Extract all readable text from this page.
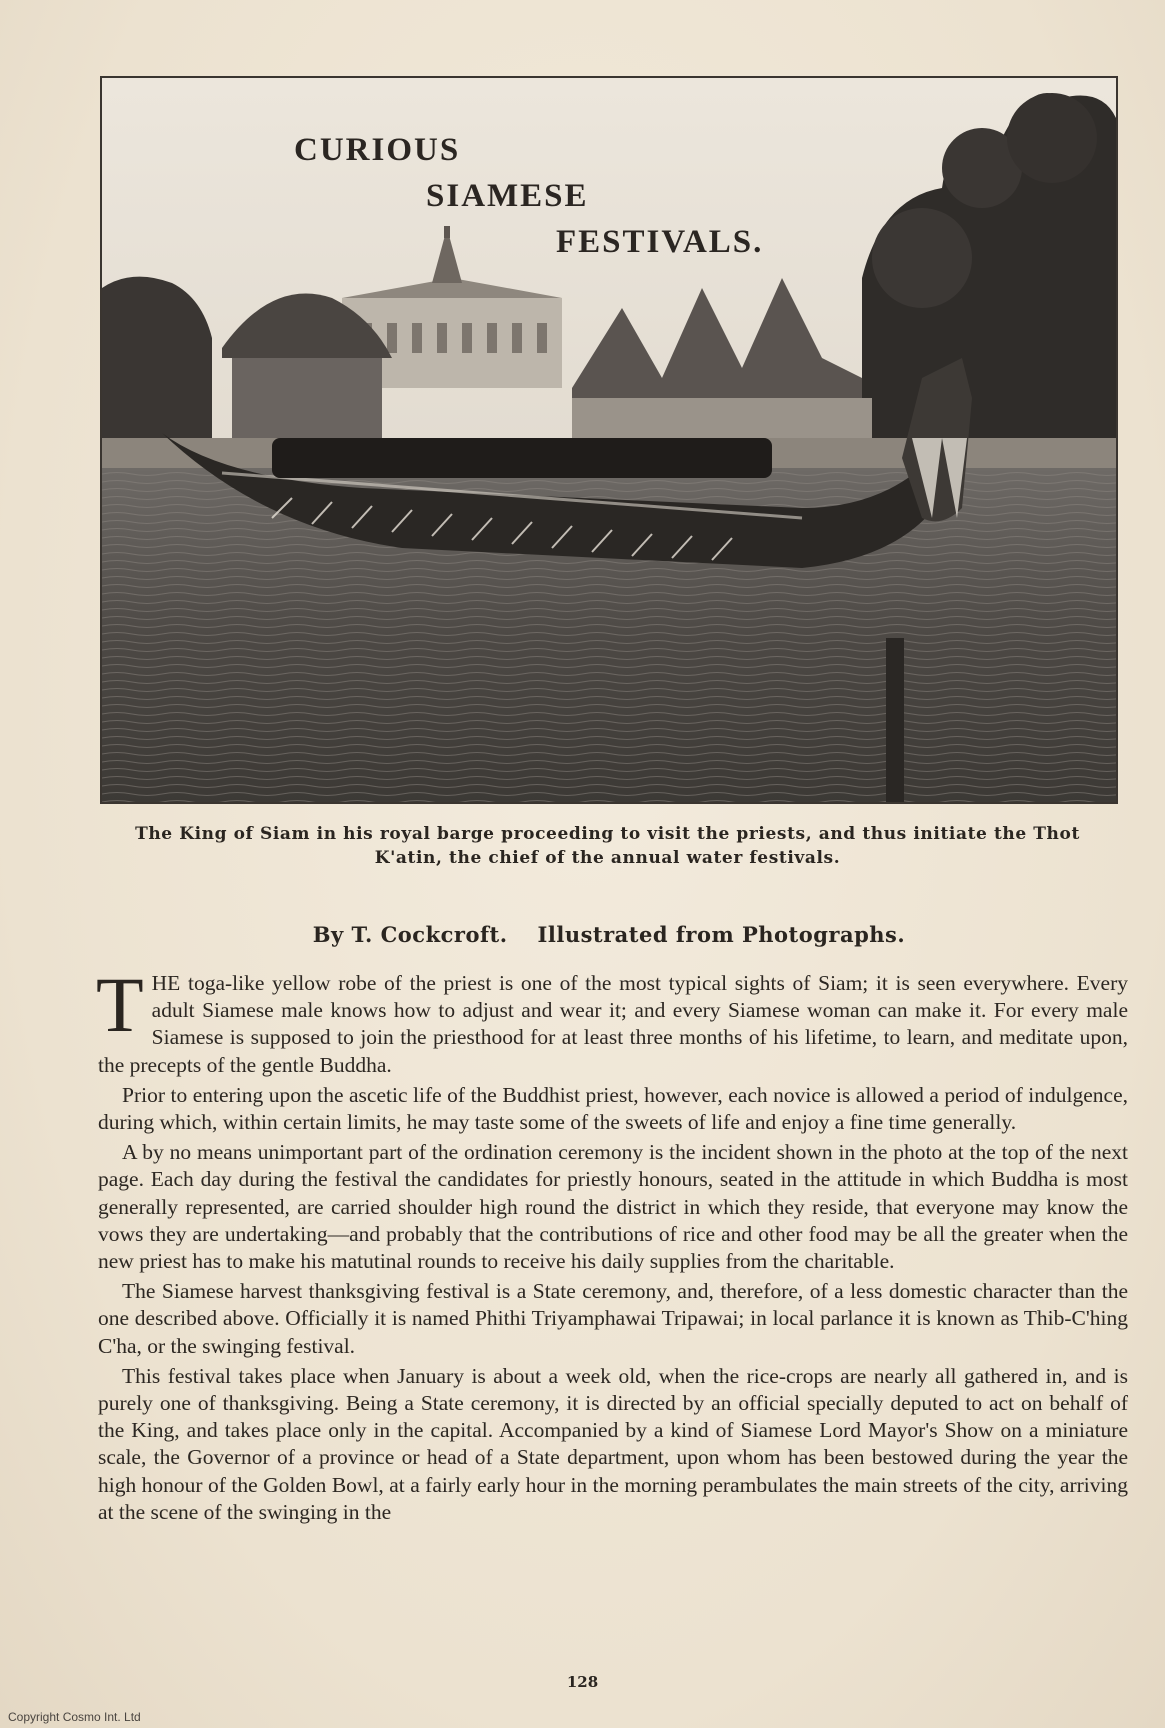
CURIOUS
SIAMESE
FESTIVALS.
The King of Siam in his royal barge proceeding to visit the priests, and thus initiate the Thot K'atin, the chief of the annual water festivals.
By T. Cockcroft. Illustrated from Photographs.

THE toga-like yellow robe of the priest is one of the most typical sights of Siam; it is seen everywhere. Every adult Siamese male knows how to adjust and wear it; and every Siamese woman can make it. For every male Siamese is supposed to join the priesthood for at least three months of his lifetime, to learn, and meditate upon, the precepts of the gentle Buddha.

Prior to entering upon the ascetic life of the Buddhist priest, however, each novice is allowed a period of indulgence, during which, within certain limits, he may taste some of the sweets of life and enjoy a fine time generally.

A by no means unimportant part of the ordination ceremony is the incident shown in the photo at the top of the next page. Each day during the festival the candidates for priestly honours, seated in the attitude in which Buddha is most generally represented, are carried shoulder high round the district in which they reside, that everyone may know the vows they are undertaking—and probably that the contributions of rice and other food may be all the greater when the new priest has to make his matutinal rounds to receive his daily supplies from the charitable.

The Siamese harvest thanksgiving festival is a State ceremony, and, therefore, of a less domestic character than the one described above. Officially it is named Phithi Triyamphawai Tripawai; in local parlance it is known as Thib-C'hing C'ha, or the swinging festival.

This festival takes place when January is about a week old, when the rice-crops are nearly all gathered in, and is purely one of thanksgiving. Being a State ceremony, it is directed by an official specially deputed to act on behalf of the King, and takes place only in the capital. Accompanied by a kind of Siamese Lord Mayor's Show on a miniature scale, the Governor of a province or head of a State department, upon whom has been bestowed during the year the high honour of the Golden Bowl, at a fairly early hour in the morning perambulates the main streets of the city, arriving at the scene of the swinging in the

128
Copyright Cosmo Int. Ltd
